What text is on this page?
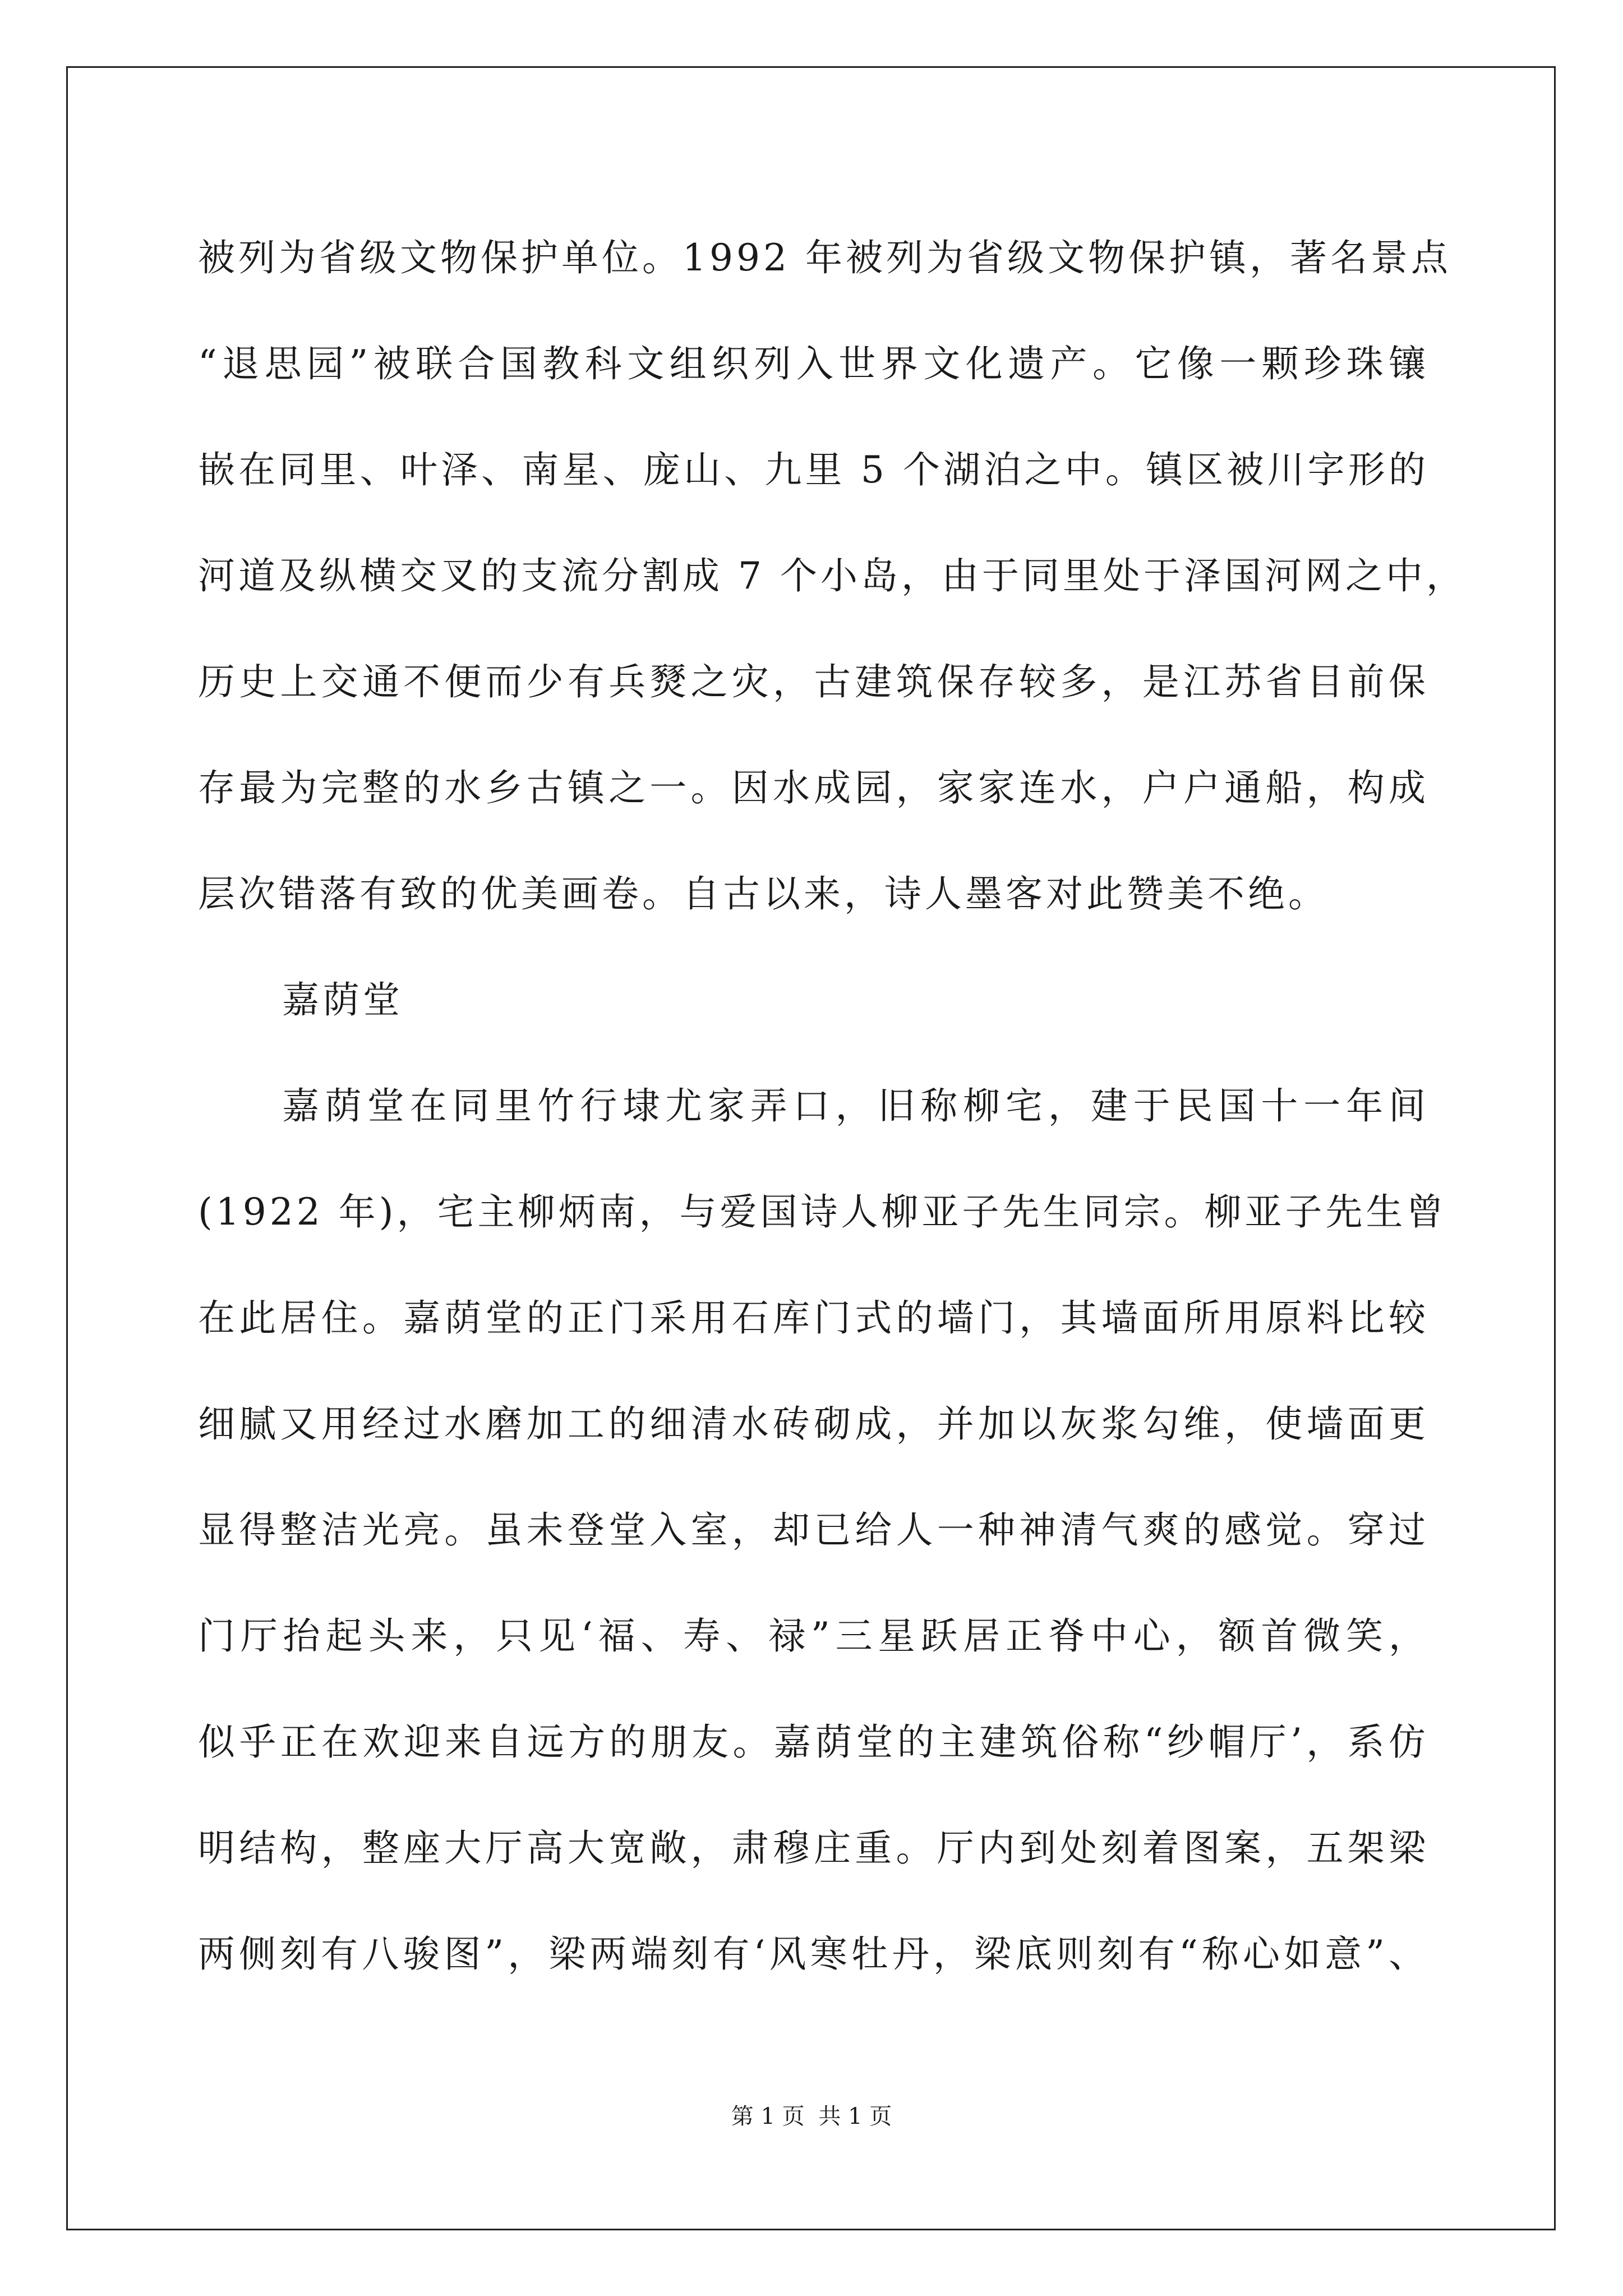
被列为省级文物保护单位。1992 年被列为省级文物保护镇，著名景点
“退思园”被联合国教科文组织列入世界文化遗产。它像一颗珍珠镶
嵌在同里、叶泽、南星、庞山、九里 5 个湖泊之中。镇区被川字形的
河道及纵横交叉的支流分割成 7 个小岛，由于同里处于泽国河网之中，
历史上交通不便而少有兵燹之灾，古建筑保存较多，是江苏省目前保
存最为完整的水乡古镇之一。因水成园，家家连水，户户通船，构成
层次错落有致的优美画卷。自古以来，诗人墨客对此赞美不绝。
嘉荫堂
嘉荫堂在同里竹行埭尤家弄口，旧称柳宅，建于民国十一年间
(1922 年)，宅主柳炳南，与爱国诗人柳亚子先生同宗。柳亚子先生曾
在此居住。嘉荫堂的正门采用石库门式的墙门，其墙面所用原料比较
细腻又用经过水磨加工的细清水砖砌成，并加以灰浆勾维，使墙面更
显得整洁光亮。虽未登堂入室，却已给人一种神清气爽的感觉。穿过
门厅抬起头来，只见‘福、寿、禄”三星跃居正脊中心，额首微笑，
似乎正在欢迎来自远方的朋友。嘉荫堂的主建筑俗称“纱帽厅’，系仿
明结构，整座大厅高大宽敞，肃穆庄重。厅内到处刻着图案，五架梁
两侧刻有八骏图”，梁两端刻有‘风寒牡丹，梁底则刻有“称心如意”、
第 1 页 共 1 页
